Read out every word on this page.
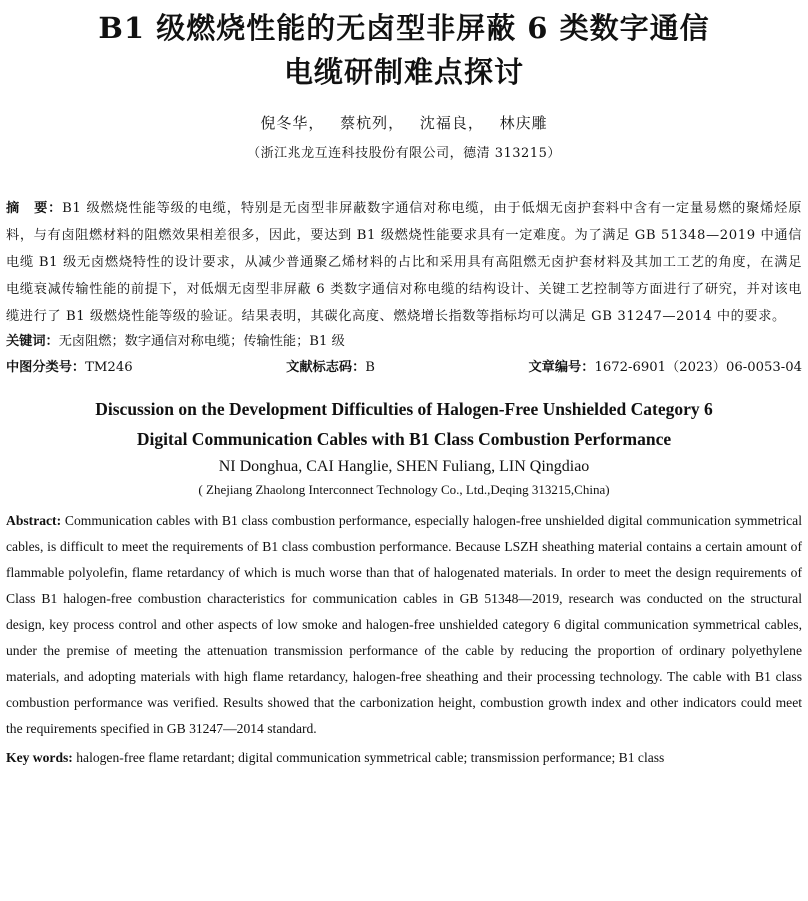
B1 级燃烧性能的无卤型非屏蔽 6 类数字通信
电缆研制难点探讨
倪冬华， 蔡杭列， 沈福良， 林庆雕
（浙江兆龙互连科技股份有限公司，德清 313215）
摘　要：B1 级燃烧性能等级的电缆，特别是无卤型非屏蔽数字通信对称电缆，由于低烟无卤护套料中含有一定量易燃的聚烯烃原料，与有卤阻燃材料的阻燃效果相差很多，因此，要达到 B1 级燃烧性能要求具有一定难度。为了满足 GB 51348—2019 中通信电缆 B1 级无卤燃烧特性的设计要求，从减少普通聚乙烯材料的占比和采用具有高阻燃无卤护套材料及其加工工艺的角度，在满足电缆衰减传输性能的前提下，对低烟无卤型非屏蔽 6 类数字通信对称电缆的结构设计、关键工艺控制等方面进行了研究，并对该电缆进行了 B1 级燃烧性能等级的验证。结果表明，其碳化高度、燃烧增长指数等指标均可以满足 GB 31247—2014 中的要求。
关键词：无卤阻燃；数字通信对称电缆；传输性能；B1 级
中图分类号：TM246	文献标志码：B	文章编号：1672-6901（2023）06-0053-04
Discussion on the Development Difficulties of Halogen-Free Unshielded Category 6
Digital Communication Cables with B1 Class Combustion Performance
NI Donghua, CAI Hanglie, SHEN Fuliang, LIN Qingdiao
( Zhejiang Zhaolong Interconnect Technology Co., Ltd.,Deqing 313215,China)
Abstract: Communication cables with B1 class combustion performance, especially halogen-free unshielded digital communication symmetrical cables, is difficult to meet the requirements of B1 class combustion performance. Because LSZH sheathing material contains a certain amount of flammable polyolefin, flame retardancy of which is much worse than that of halogenated materials. In order to meet the design requirements of Class B1 halogen-free combustion characteristics for communication cables in GB 51348—2019, research was conducted on the structural design, key process control and other aspects of low smoke and halogen-free unshielded category 6 digital communication symmetrical cables, under the premise of meeting the attenuation transmission performance of the cable by reducing the proportion of ordinary polyethylene materials, and adopting materials with high flame retardancy, halogen-free sheathing and their processing technology. The cable with B1 class combustion performance was verified. Results showed that the carbonization height, combustion growth index and other indicators could meet the requirements specified in GB 31247—2014 standard.
Key words: halogen-free flame retardant; digital communication symmetrical cable; transmission performance; B1 class
